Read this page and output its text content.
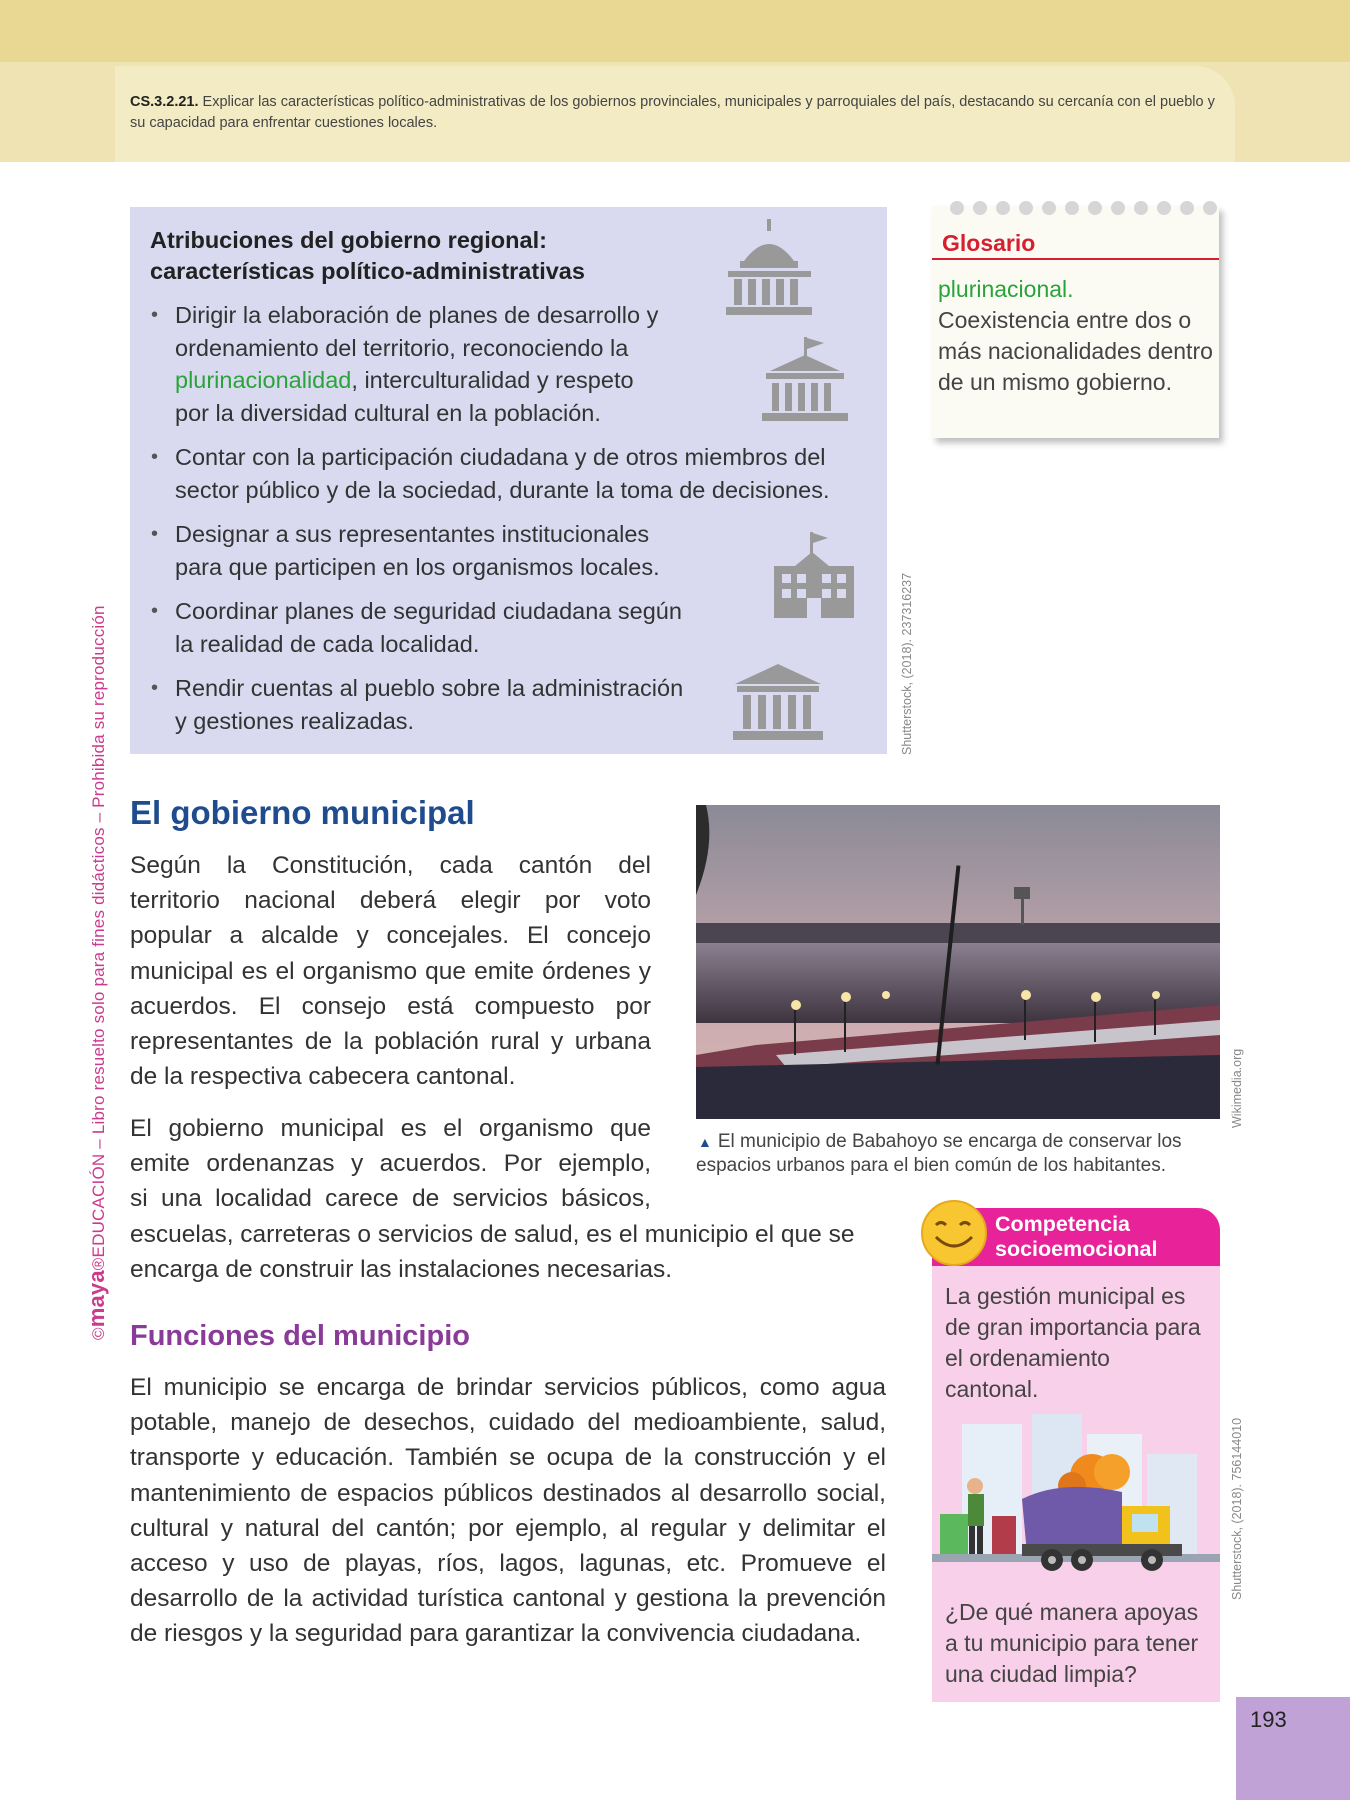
CS.3.2.21. Explicar las características político-administrativas de los gobiernos provinciales, municipales y parroquiales del país, destacando su cercanía con el pueblo y su capacidad para enfrentar cuestiones locales.
©maya®EDUCACIÓN – Libro resuelto solo para fines didácticos – Prohibida su reproducción
Atribuciones del gobierno regional: características político-administrativas
• Dirigir la elaboración de planes de desarrollo y
ordenamiento del territorio, reconociendo la
plurinacionalidad, interculturalidad y respeto
por la diversidad cultural en la población.
• Contar con la participación ciudadana y de otros miembros del
sector público y de la sociedad, durante la toma de decisiones.
• Designar a sus representantes institucionales
para que participen en los organismos locales.
• Coordinar planes de seguridad ciudadana según
la realidad de cada localidad.
• Rendir cuentas al pueblo sobre la administración
y gestiones realizadas.	Shutterstock, (2018). 237316237
Glosario
plurinacional.
Coexistencia entre dos o más nacionalidades dentro de un mismo gobierno.
El gobierno municipal

Según la Constitución, cada cantón del territorio nacional deberá elegir por voto popular a alcalde y concejales. El concejo municipal es el organismo que emite órdenes y acuerdos. El consejo está compuesto por representantes de la población rural y urbana de la respectiva cabecera cantonal.

El gobierno municipal es el organismo que
emite ordenanzas y acuerdos. Por ejemplo,
si una localidad carece de servicios básicos,
escuelas, carreteras o servicios de salud, es el municipio el que se
encarga de construir las instalaciones necesarias.

Wikimedia.org
▲ El municipio de Babahoyo se encarga de conservar los espacios urbanos para el bien común de los habitantes.
Funciones del municipio

El municipio se encarga de brindar servicios públicos, como agua potable, manejo de desechos, cuidado del medioambiente, salud, transporte y educación. También se ocupa de la construcción y el mantenimiento de espacios públicos destinados al desarrollo social, cultural y natural del cantón; por ejemplo, al regular y delimitar el acceso y uso de playas, ríos, lagos, lagunas, etc. Promueve el desarrollo de la actividad turística cantonal y gestiona la prevención de riesgos y la seguridad para garantizar la convivencia ciudadana.

Competencia
socioemocional
La gestión municipal es de gran importancia para el ordenamiento cantonal.
¿De qué manera apoyas a tu municipio para tener una ciudad limpia?
Shutterstock, (2018). 756144010
193
